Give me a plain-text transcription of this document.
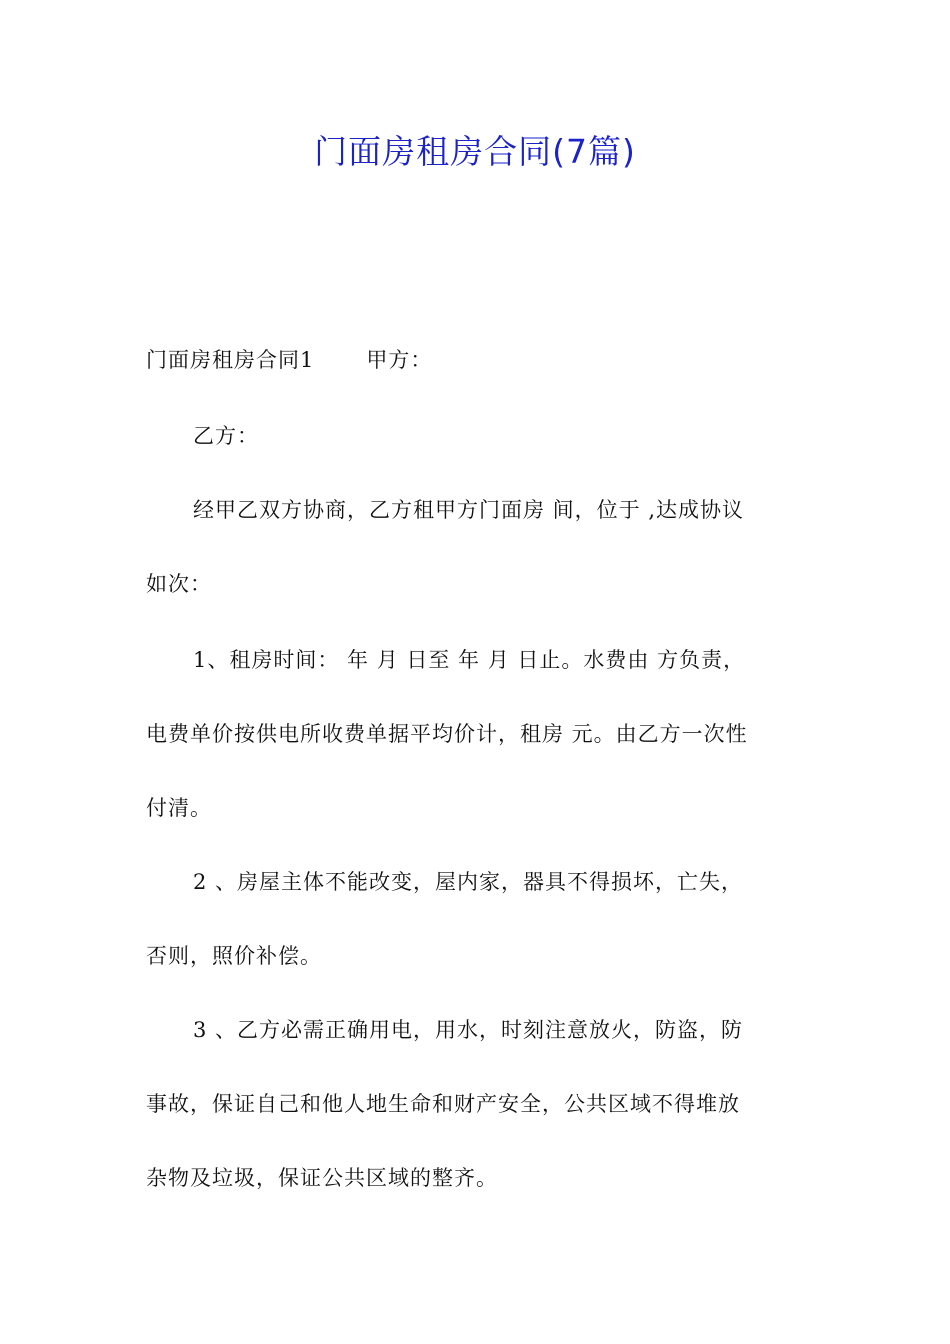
门面房租房合同(7篇)
门面房租房合同1 甲方：
乙方：
经甲乙双方协商，乙方租甲方门面房 间，位于 ,达成协议
如次：
1、租房时间： 年 月 日至 年 月 日止。水费由 方负责，
电费单价按供电所收费单据平均价计，租房 元。由乙方一次性
付清。
2 、房屋主体不能改变，屋内家，器具不得损坏，亡失，
否则，照价补偿。
3 、乙方必需正确用电，用水，时刻注意放火，防盗，防
事故，保证自己和他人地生命和财产安全，公共区域不得堆放
杂物及垃圾，保证公共区域的整齐。
